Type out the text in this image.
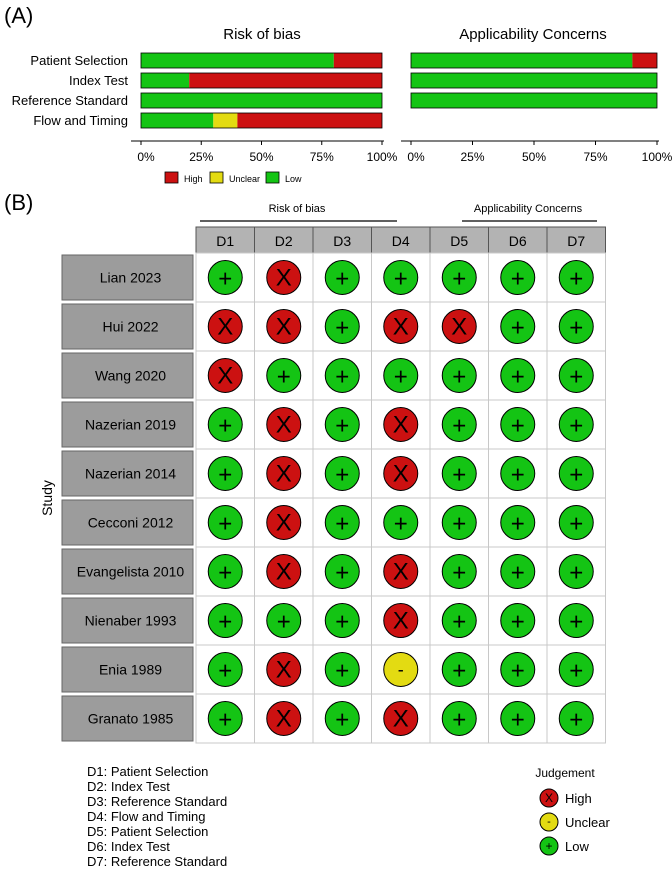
(A)
Risk of bias	Applicability Concerns
Patient Selection
Index Test
Reference Standard
Flow and Timing
0%	25%	50%	75%	100% 0%	25%	50%	75%	100%
High	Unclear	Low
(B)	Risk of bias	Applicability Concerns
D1	D2	D3	D4	D5	D6	D7
Lian 2023 + X + + + + +
Hui 2022 X X + X X + +
Wang 2020 X + + + + + +
Nazerian 2019 + X + X + + +
Nazerian 2014 + X + X + + +
Cecconi 2012 + X + + + + +
Evangelista 2010 + X + X + + +
Nienaber 1993 + + + X + + +
Enia 1989 + X +	- + + +
Granato 1985 + X + X + + +
Study
D1: Patient Selection
D2: Index Test
D3: Reference Standard
D4: Flow and Timing
D5: Patient Selection
D6: Index Test
D7: Reference Standard
Judgement
X High
- Unclear
+ Low
